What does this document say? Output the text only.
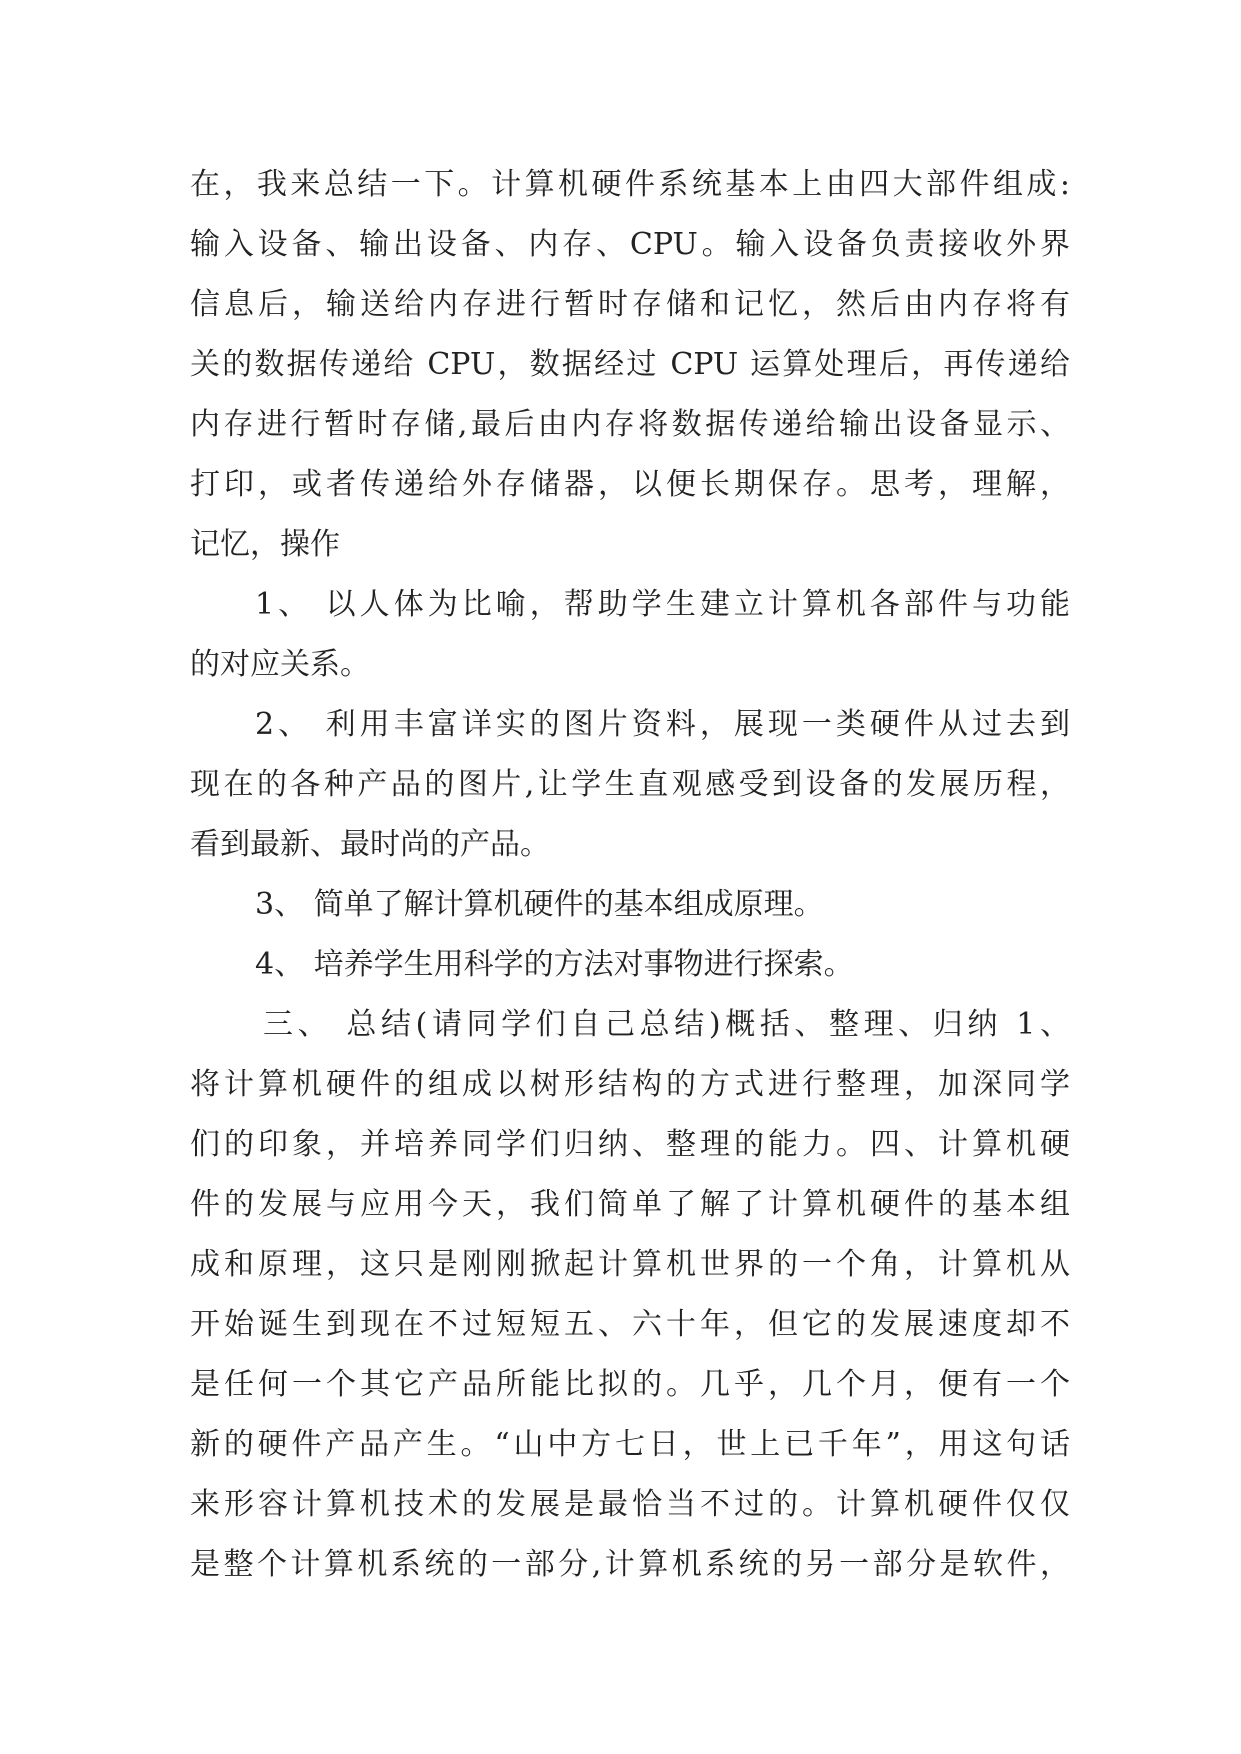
在，我来总结一下。计算机硬件系统基本上由四大部件组成:
输入设备、输出设备、内存、CPU。输入设备负责接收外界
信息后，输送给内存进行暂时存储和记忆，然后由内存将有
关的数据传递给 CPU，数据经过 CPU 运算处理后，再传递给
内存进行暂时存储,最后由内存将数据传递给输出设备显示、
打印，或者传递给外存储器，以便长期保存。思考，理解，
记忆，操作
1、 以人体为比喻，帮助学生建立计算机各部件与功能
的对应关系。
2、 利用丰富详实的图片资料，展现一类硬件从过去到
现在的各种产品的图片,让学生直观感受到设备的发展历程，
看到最新、最时尚的产品。
3、 简单了解计算机硬件的基本组成原理。
4、 培养学生用科学的方法对事物进行探索。
三、 总结(请同学们自己总结)概括、整理、归纳 1、
将计算机硬件的组成以树形结构的方式进行整理，加深同学
们的印象，并培养同学们归纳、整理的能力。四、计算机硬
件的发展与应用今天，我们简单了解了计算机硬件的基本组
成和原理，这只是刚刚掀起计算机世界的一个角，计算机从
开始诞生到现在不过短短五、六十年，但它的发展速度却不
是任何一个其它产品所能比拟的。几乎，几个月，便有一个
新的硬件产品产生。“山中方七日，世上已千年”，用这句话
来形容计算机技术的发展是最恰当不过的。计算机硬件仅仅
是整个计算机系统的一部分,计算机系统的另一部分是软件，
